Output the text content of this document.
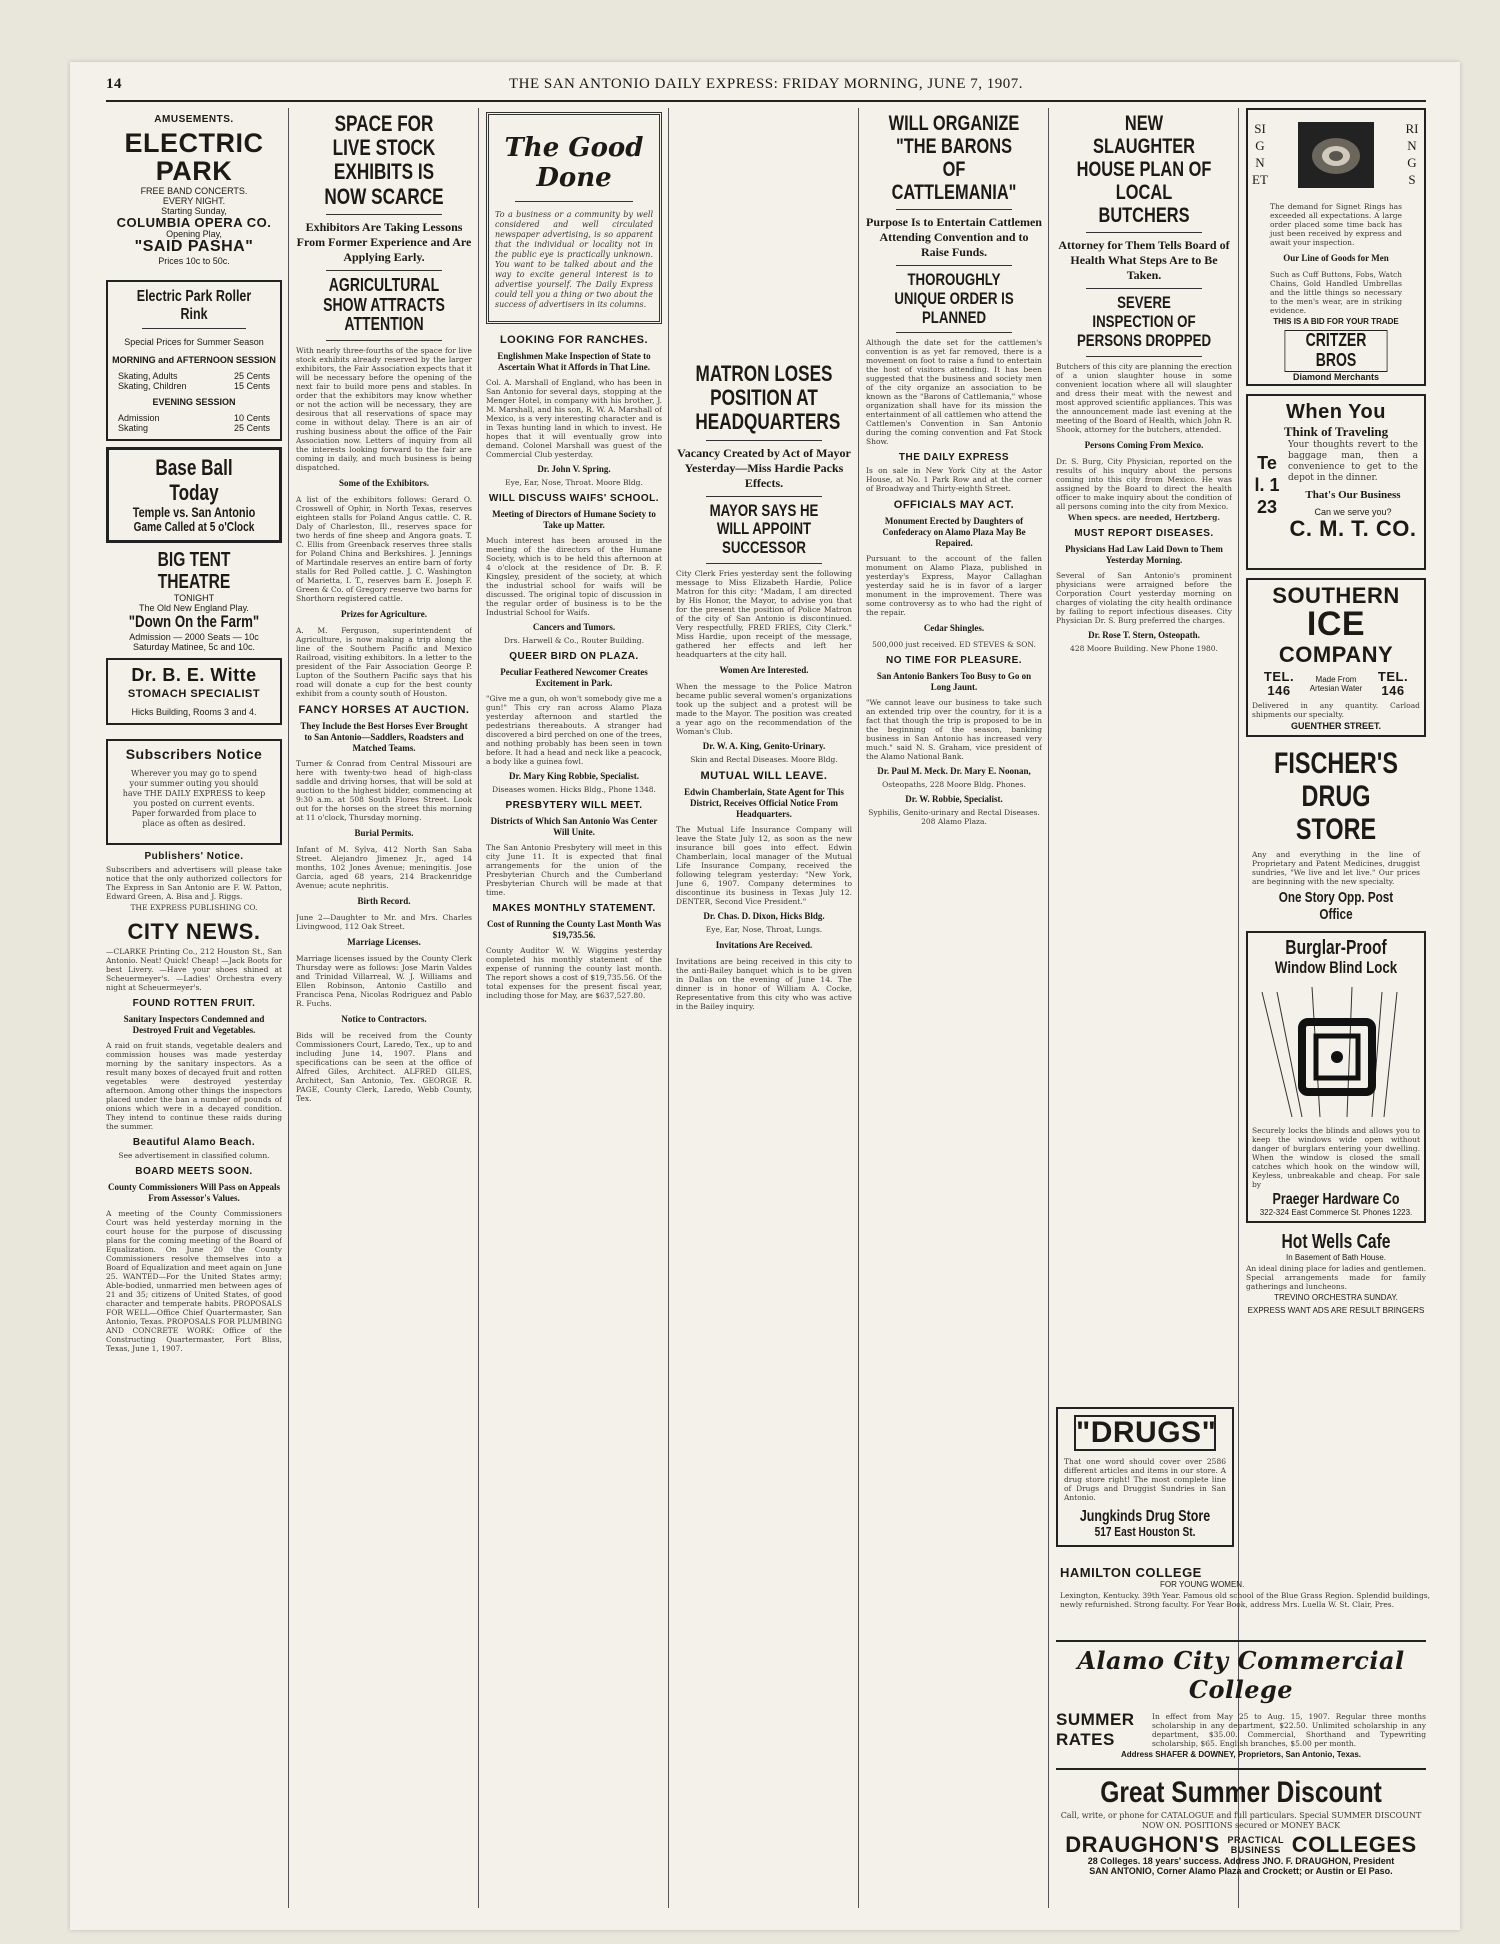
14	THE SAN ANTONIO DAILY EXPRESS: FRIDAY MORNING, JUNE 7, 1907.
AMUSEMENTS.
ELECTRIC PARK
FREE BAND CONCERTS.
EVERY NIGHT.
Starting Sunday,
COLUMBIA OPERA CO.
Opening Play,
"SAID PASHA"
Prices 10c to 50c.
Electric Park Roller Rink
Special Prices for Summer Season
MORNING and AFTERNOON SESSION
Skating, Adults	25 Cents
Skating, Children	15 Cents
EVENING SESSION
Admission	10 Cents
Skating	25 Cents
Base Ball Today
Temple vs. San Antonio
Game Called at 5 o'Clock
BIG TENT THEATRE
TONIGHT
The Old New England Play.
"Down On the Farm"
Admission — 2000 Seats — 10c
Saturday Matinee, 5c and 10c.
Dr. B. E. Witte
STOMACH SPECIALIST
Hicks Building, Rooms 3 and 4.
Subscribers Notice
Wherever you may go to spend your summer outing you should have THE DAILY EXPRESS to keep you posted on current events. Paper forwarded from place to place as often as desired.
Publishers' Notice.
Subscribers and advertisers will please take notice that the only authorized collectors for The Express in San Antonio are F. W. Patton, Edward Green, A. Bisa and J. Riggs.
THE EXPRESS PUBLISHING CO.
CITY NEWS.
—CLARKE Printing Co., 212 Houston St., San Antonio. Neat! Quick! Cheap! —Jack Boots for best Livery. —Have your shoes shined at Scheuermeyer's. —Ladies' Orchestra every night at Scheuermeyer's.
FOUND ROTTEN FRUIT.
Sanitary Inspectors Condemned and Destroyed Fruit and Vegetables.
A raid on fruit stands, vegetable dealers and commission houses was made yesterday morning by the sanitary inspectors. As a result many boxes of decayed fruit and rotten vegetables were destroyed yesterday afternoon. Among other things the inspectors placed under the ban a number of pounds of onions which were in a decayed condition. They intend to continue these raids during the summer.
Beautiful Alamo Beach.
See advertisement in classified column.
BOARD MEETS SOON.
County Commissioners Will Pass on Appeals From Assessor's Values.
A meeting of the County Commissioners Court was held yesterday morning in the court house for the purpose of discussing plans for the coming meeting of the Board of Equalization. On June 20 the County Commissioners resolve themselves into a Board of Equalization and meet again on June 25. WANTED—For the United States army; Able-bodied, unmarried men between ages of 21 and 35; citizens of United States, of good character and temperate habits. PROPOSALS FOR WELL—Office Chief Quartermaster, San Antonio, Texas. PROPOSALS FOR PLUMBING AND CONCRETE WORK: Office of the Constructing Quartermaster, Fort Bliss, Texas, June 1, 1907.
SPACE FOR LIVE STOCK EXHIBITS IS NOW SCARCE
Exhibitors Are Taking Lessons From Former Experience and Are Applying Early.
AGRICULTURAL SHOW ATTRACTS ATTENTION
With nearly three-fourths of the space for live stock exhibits already reserved by the larger exhibitors, the Fair Association expects that it will be necessary before the opening of the next fair to build more pens and stables. In order that the exhibitors may know whether or not the action will be necessary, they are desirous that all reservations of space may come in without delay. There is an air of rushing business about the office of the Fair Association now. Letters of inquiry from all the interests looking forward to the fair are coming in daily, and much business is being dispatched.
Some of the Exhibitors.
A list of the exhibitors follows: Gerard O. Crosswell of Ophir, in North Texas, reserves eighteen stalls for Poland Angus cattle. C. R. Daly of Charleston, Ill., reserves space for two herds of fine sheep and Angora goats. T. C. Ellis from Greenback reserves three stalls for Poland China and Berkshires. J. Jennings of Martindale reserves an entire barn of forty stalls for Red Polled cattle. J. C. Washington of Marietta, I. T., reserves barn E. Joseph F. Green & Co. of Gregory reserve two barns for Shorthorn registered cattle.
Prizes for Agriculture.
A. M. Ferguson, superintendent of Agriculture, is now making a trip along the line of the Southern Pacific and Mexico Railroad, visiting exhibitors. In a letter to the president of the Fair Association George P. Lupton of the Southern Pacific says that his road will donate a cup for the best county exhibit from a county south of Houston.
FANCY HORSES AT AUCTION.
They Include the Best Horses Ever Brought to San Antonio—Saddlers, Roadsters and Matched Teams.
Turner & Conrad from Central Missouri are here with twenty-two head of high-class saddle and driving horses, that will be sold at auction to the highest bidder, commencing at 9:30 a.m. at 508 South Flores Street. Look out for the horses on the street this morning at 11 o'clock, Thursday morning.
Burial Permits.
Infant of M. Sylva, 412 North San Saba Street. Alejandro Jimenez Jr., aged 14 months, 102 Jones Avenue; meningitis. Jose Garcia, aged 68 years, 214 Brackenridge Avenue; acute nephritis.
Birth Record.
June 2—Daughter to Mr. and Mrs. Charles Livingwood, 112 Oak Street.
Marriage Licenses.
Marriage licenses issued by the County Clerk Thursday were as follows: Jose Marin Valdes and Trinidad Villarreal, W. J. Williams and Ellen Robinson, Antonio Castillo and Francisca Pena, Nicolas Rodriguez and Pablo R. Fuchs.
Notice to Contractors.
Bids will be received from the County Commissioners Court, Laredo, Tex., up to and including June 14, 1907. Plans and specifications can be seen at the office of Alfred Giles, Architect. ALFRED GILES, Architect, San Antonio, Tex. GEORGE R. PAGE, County Clerk, Laredo, Webb County, Tex.
The Good Done
To a business or a community by well considered and well circulated newspaper advertising, is so apparent that the individual or locality not in the public eye is practically unknown. You want to be talked about and the way to excite general interest is to advertise yourself. The Daily Express could tell you a thing or two about the success of advertisers in its columns.
LOOKING FOR RANCHES.
Englishmen Make Inspection of State to Ascertain What it Affords in That Line.
Col. A. Marshall of England, who has been in San Antonio for several days, stopping at the Menger Hotel, in company with his brother, J. M. Marshall, and his son, R. W. A. Marshall of Mexico, is a very interesting character and is in Texas hunting land in which to invest. He hopes that it will eventually grow into demand. Colonel Marshall was guest of the Commercial Club yesterday.
Dr. John V. Spring.
Eye, Ear, Nose, Throat. Moore Bldg.
WILL DISCUSS WAIFS' SCHOOL.
Meeting of Directors of Humane Society to Take up Matter.
Much interest has been aroused in the meeting of the directors of the Humane Society, which is to be held this afternoon at 4 o'clock at the residence of Dr. B. F. Kingsley, president of the society, at which the industrial school for waifs will be discussed. The original topic of discussion in the regular order of business is to be the Industrial School for Waifs.
Cancers and Tumors.
Drs. Harwell & Co., Router Building.
QUEER BIRD ON PLAZA.
Peculiar Feathered Newcomer Creates Excitement in Park.
"Give me a gun, oh won't somebody give me a gun!" This cry ran across Alamo Plaza yesterday afternoon and startled the pedestrians thereabouts. A stranger had discovered a bird perched on one of the trees, and nothing probably has been seen in town before. It had a head and neck like a peacock, a body like a guinea fowl.
Dr. Mary King Robbie, Specialist.
Diseases women. Hicks Bldg., Phone 1348.
PRESBYTERY WILL MEET.
Districts of Which San Antonio Was Center Will Unite.
The San Antonio Presbytery will meet in this city June 11. It is expected that final arrangements for the union of the Presbyterian Church and the Cumberland Presbyterian Church will be made at that time.
MAKES MONTHLY STATEMENT.
Cost of Running the County Last Month Was $19,735.56.
County Auditor W. W. Wiggins yesterday completed his monthly statement of the expense of running the county last month. The report shows a cost of $19,735.56. Of the total expenses for the present fiscal year, including those for May, are $637,527.80.
MATRON LOSES POSITION AT HEADQUARTERS
Vacancy Created by Act of Mayor Yesterday—Miss Hardie Packs Effects.
MAYOR SAYS HE WILL APPOINT SUCCESSOR
City Clerk Fries yesterday sent the following message to Miss Elizabeth Hardie, Police Matron for this city: "Madam, I am directed by His Honor, the Mayor, to advise you that for the present the position of Police Matron of the city of San Antonio is discontinued. Very respectfully, FRED FRIES, City Clerk." Miss Hardie, upon receipt of the message, gathered her effects and left her headquarters at the city hall.
Women Are Interested.
When the message to the Police Matron became public several women's organizations took up the subject and a protest will be made to the Mayor. The position was created a year ago on the recommendation of the Woman's Club.
Dr. W. A. King, Genito-Urinary.
Skin and Rectal Diseases. Moore Bldg.
MUTUAL WILL LEAVE.
Edwin Chamberlain, State Agent for This District, Receives Official Notice From Headquarters.
The Mutual Life Insurance Company will leave the State July 12, as soon as the new insurance bill goes into effect. Edwin Chamberlain, local manager of the Mutual Life Insurance Company, received the following telegram yesterday: "New York, June 6, 1907. Company determines to discontinue its business in Texas July 12. DENTER, Second Vice President."
Dr. Chas. D. Dixon, Hicks Bldg.
Eye, Ear, Nose, Throat, Lungs.
Invitations Are Received.
Invitations are being received in this city to the anti-Bailey banquet which is to be given in Dallas on the evening of June 14. The dinner is in honor of William A. Cocke, Representative from this city who was active in the Bailey inquiry.
WILL ORGANIZE "THE BARONS OF CATTLEMANIA"
Purpose Is to Entertain Cattlemen Attending Convention and to Raise Funds.
THOROUGHLY UNIQUE ORDER IS PLANNED
Although the date set for the cattlemen's convention is as yet far removed, there is a movement on foot to raise a fund to entertain the host of visitors attending. It has been suggested that the business and society men of the city organize an association to be known as the "Barons of Cattlemania," whose organization shall have for its mission the entertainment of all cattlemen who attend the Cattlemen's Convention in San Antonio during the coming convention and Fat Stock Show.
THE DAILY EXPRESS
Is on sale in New York City at the Astor House, at No. 1 Park Row and at the corner of Broadway and Thirty-eighth Street.
OFFICIALS MAY ACT.
Monument Erected by Daughters of Confederacy on Alamo Plaza May Be Repaired.
Pursuant to the account of the fallen monument on Alamo Plaza, published in yesterday's Express, Mayor Callaghan yesterday said he is in favor of a larger monument in the improvement. There was some controversy as to who had the right of the repair.
Cedar Shingles.
500,000 just received. ED STEVES & SON.
NO TIME FOR PLEASURE.
San Antonio Bankers Too Busy to Go on Long Jaunt.
"We cannot leave our business to take such an extended trip over the country, for it is a fact that though the trip is proposed to be in the beginning of the season, banking business in San Antonio has increased very much." said N. S. Graham, vice president of the Alamo National Bank.
Dr. Paul M. Meck. Dr. Mary E. Noonan,
Osteopaths, 228 Moore Bldg. Phones.
Dr. W. Robbie, Specialist.
Syphilis, Genito-urinary and Rectal Diseases. 208 Alamo Plaza.
NEW SLAUGHTER HOUSE PLAN OF LOCAL BUTCHERS
Attorney for Them Tells Board of Health What Steps Are to Be Taken.
SEVERE INSPECTION OF PERSONS DROPPED
Butchers of this city are planning the erection of a union slaughter house in some convenient location where all will slaughter and dress their meat with the newest and most approved scientific appliances. This was the announcement made last evening at the meeting of the Board of Health, which John R. Shook, attorney for the butchers, attended.
Persons Coming From Mexico.
Dr. S. Burg, City Physician, reported on the results of his inquiry about the persons coming into this city from Mexico. He was assigned by the Board to direct the health officer to make inquiry about the condition of all persons coming into the city from Mexico.
When specs. are needed, Hertzberg.
MUST REPORT DISEASES.
Physicians Had Law Laid Down to Them Yesterday Morning.
Several of San Antonio's prominent physicians were arraigned before the Corporation Court yesterday morning on charges of violating the city health ordinance by failing to report infectious diseases. City Physician Dr. S. Burg preferred the charges.
Dr. Rose T. Stern, Osteopath.
428 Moore Building. New Phone 1980.
"DRUGS"
That one word should cover over 2586 different articles and items in our store. A drug store right! The most complete line of Drugs and Druggist Sundries in San Antonio.
Jungkinds Drug Store
517 East Houston St.
SIGNET
RINGS
The demand for Signet Rings has exceeded all expectations. A large order placed some time back has just been received by express and await your inspection.
Our Line of Goods for Men
Such as Cuff Buttons, Fobs, Watch Chains, Gold Handled Umbrellas and the little things so necessary to the men's wear, are in striking evidence.
THIS IS A BID FOR YOUR TRADE
CRITZER BROS
Diamond Merchants
When You
Think of Traveling
Tel. 123
Your thoughts revert to the baggage man, then a convenience to get to the depot in the dinner.
That's Our Business
Can we serve you?
C. M. T. CO.
SOUTHERN
ICE
COMPANY
TEL. 146
Made From Artesian Water
TEL. 146
Delivered in any quantity. Carload shipments our specialty.
GUENTHER STREET.
FISCHER'S
DRUG STORE
Any and everything in the line of Proprietary and Patent Medicines, druggist sundries, "We live and let live." Our prices are beginning with the new specialty.
One Story Opp. Post Office
Burglar-Proof
Window Blind Lock
Securely locks the blinds and allows you to keep the windows wide open without danger of burglars entering your dwelling. When the window is closed the small catches which hook on the window will, Keyless, unbreakable and cheap. For sale by
Praeger Hardware Co
322-324 East Commerce St. Phones 1223.
Hot Wells Cafe
In Basement of Bath House.
An ideal dining place for ladies and gentlemen. Special arrangements made for family gatherings and luncheons.
TREVINO ORCHESTRA SUNDAY.
EXPRESS WANT ADS ARE RESULT BRINGERS
HAMILTON COLLEGE
FOR YOUNG WOMEN.
Lexington, Kentucky. 39th Year. Famous old school of the Blue Grass Region. Splendid buildings, newly refurnished. Strong faculty. For Year Book, address Mrs. Luella W. St. Clair, Pres.
Alamo City Commercial College
SUMMER RATES
In effect from May 25 to Aug. 15, 1907. Regular three months scholarship in any department, $22.50. Unlimited scholarship in any department, $35.00. Commercial, Shorthand and Typewriting scholarship, $65. English branches, $5.00 per month.
Address SHAFER & DOWNEY, Proprietors, San Antonio, Texas.
Great Summer Discount
Call, write, or phone for CATALOGUE and full particulars. Special SUMMER DISCOUNT NOW ON. POSITIONS secured or MONEY BACK
DRAUGHON'S PRACTICAL BUSINESS COLLEGES
28 Colleges. 18 years' success. Address JNO. F. DRAUGHON, President
SAN ANTONIO, Corner Alamo Plaza and Crockett; or Austin or El Paso.
